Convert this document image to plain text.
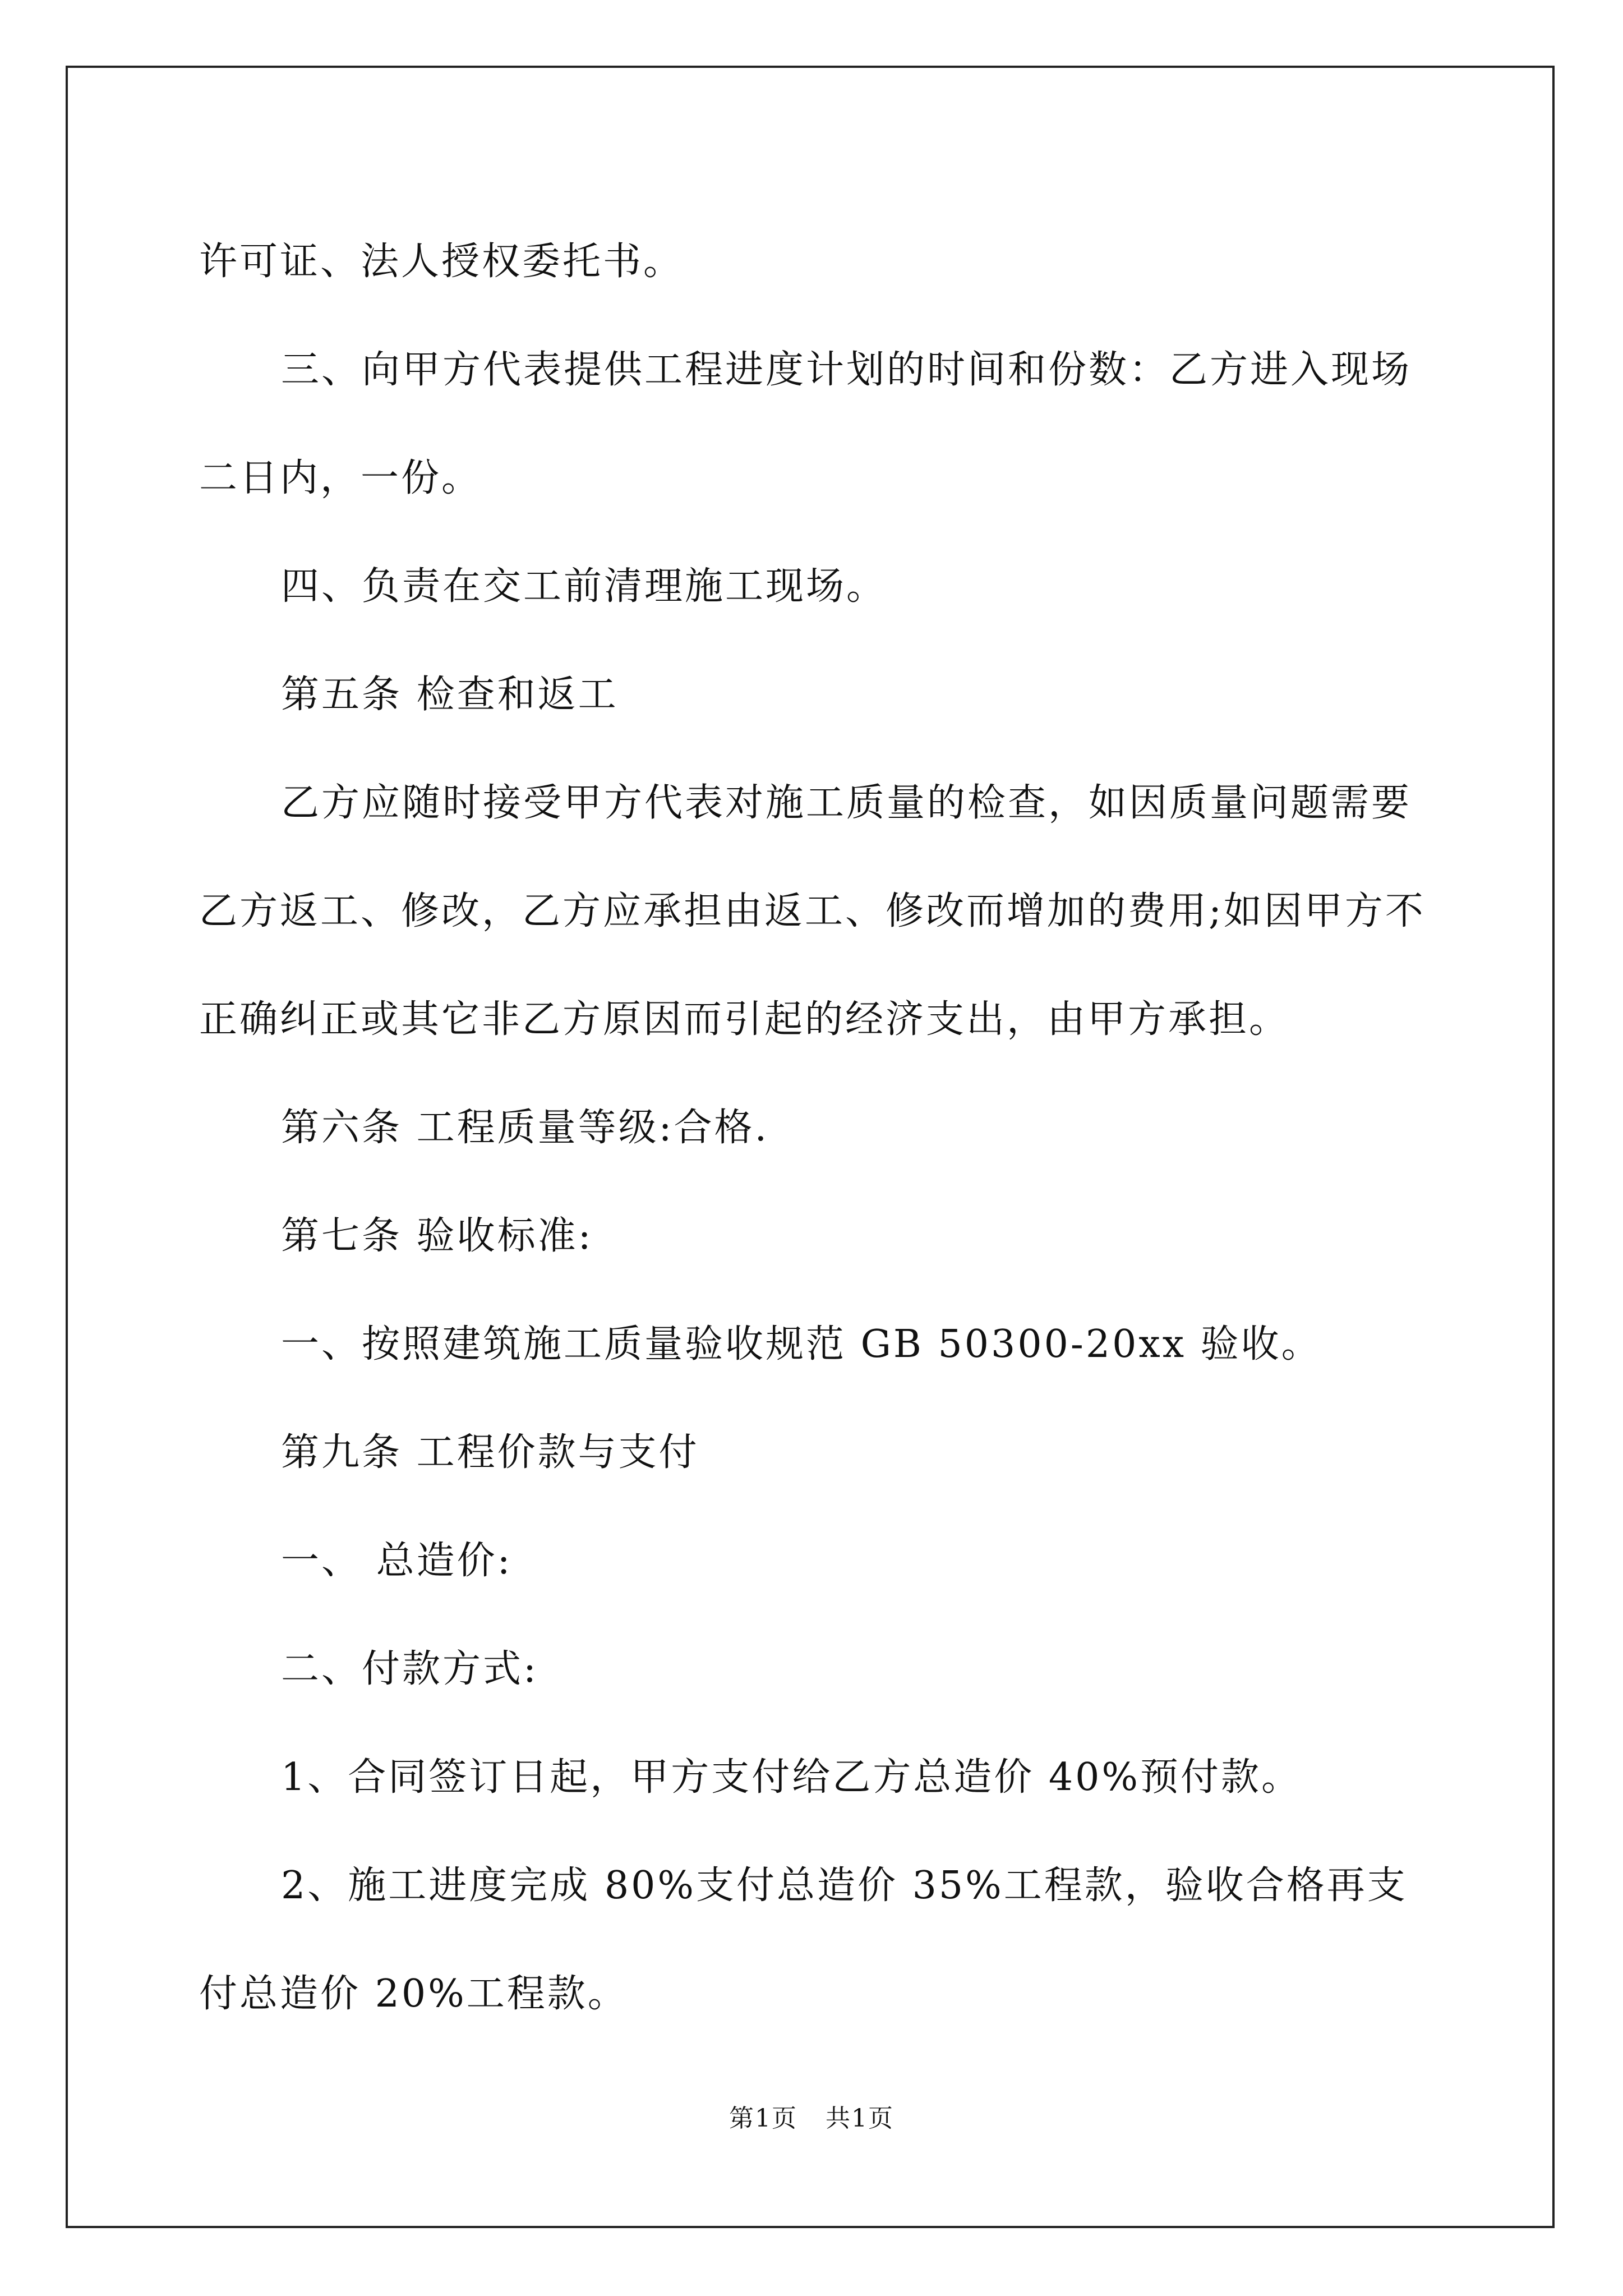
许可证、法人授权委托书。

三、向甲方代表提供工程进度计划的时间和份数：乙方进入现场二日内，一份。

四、负责在交工前清理施工现场。

第五条 检查和返工

乙方应随时接受甲方代表对施工质量的检查，如因质量问题需要乙方返工、修改，乙方应承担由返工、修改而增加的费用;如因甲方不正确纠正或其它非乙方原因而引起的经济支出，由甲方承担。

第六条 工程质量等级:合格.

第七条 验收标准:

一、按照建筑施工质量验收规范 GB 50300-20xx 验收。

第九条 工程价款与支付

一、 总造价:

二、付款方式:

1、合同签订日起，甲方支付给乙方总造价 40%预付款。

2、施工进度完成 80%支付总造价 35%工程款，验收合格再支付总造价 20%工程款。

第1页 共1页
